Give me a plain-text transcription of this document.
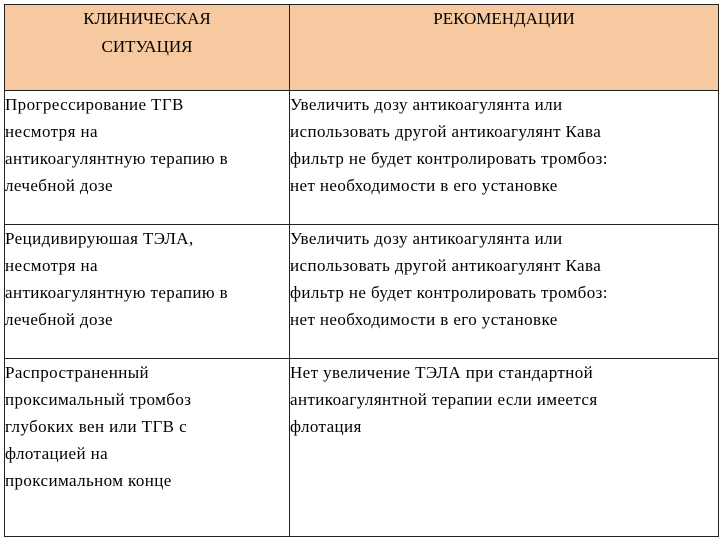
КЛИНИЧЕСКАЯ
СИТУАЦИЯ	РЕКОМЕНДАЦИИ

Прогрессирование ТГВ
несмотря на
антикоагулянтную терапию в
лечебной дозе	Увеличить дозу антикоагулянта или
использовать другой антикоагулянт Кава
фильтр не будет контролировать тромбоз:
нет необходимости в его установке

Рецидивируюшая ТЭЛА,
несмотря на
антикоагулянтную терапию в
лечебной дозе	Увеличить дозу антикоагулянта или
использовать другой антикоагулянт Кава
фильтр не будет контролировать тромбоз:
нет необходимости в его установке

Распространенный
проксимальный тромбоз
глубоких вен или ТГВ с
флотацией на
проксимальном конце	Нет увеличение ТЭЛА при стандартной
антикоагулянтной терапии если имеется
флотация
